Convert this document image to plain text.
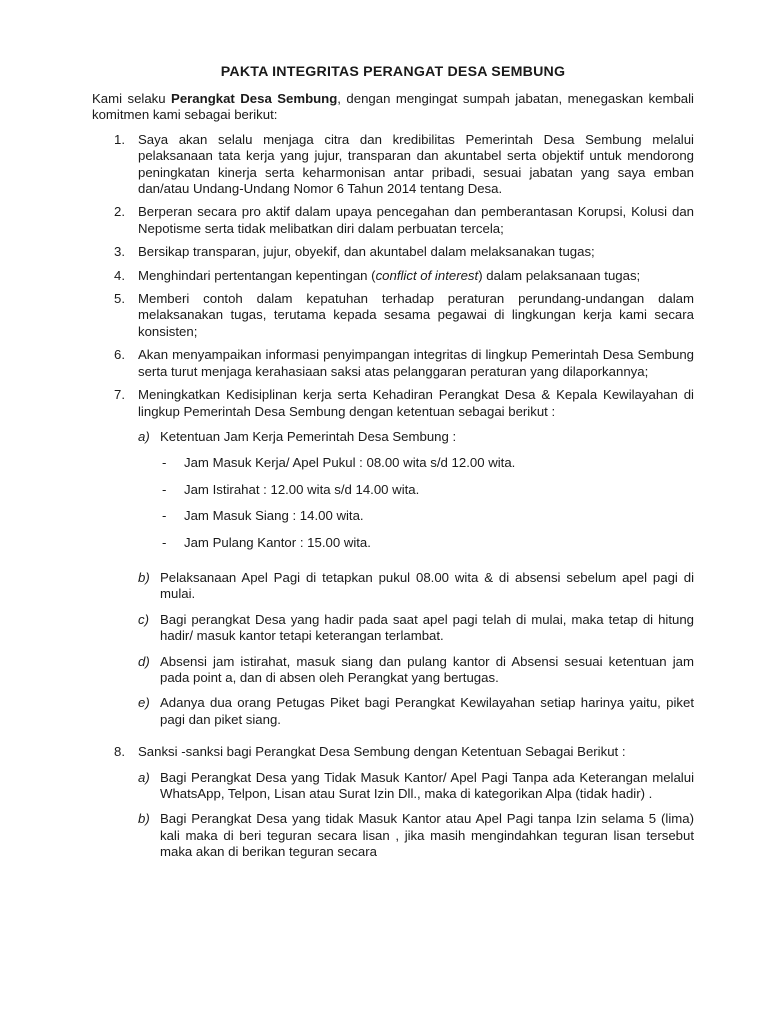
PAKTA INTEGRITAS PERANGAT DESA SEMBUNG

Kami selaku Perangkat Desa Sembung, dengan mengingat sumpah jabatan, menegaskan kembali komitmen kami sebagai berikut:

1. Saya akan selalu menjaga citra dan kredibilitas Pemerintah Desa Sembung melalui pelaksanaan tata kerja yang jujur, transparan dan akuntabel serta objektif untuk mendorong peningkatan kinerja serta keharmonisan antar pribadi, sesuai jabatan yang saya emban dan/atau Undang-Undang Nomor 6 Tahun 2014 tentang Desa.
2. Berperan secara pro aktif dalam upaya pencegahan dan pemberantasan Korupsi, Kolusi dan Nepotisme serta tidak melibatkan diri dalam perbuatan tercela;
3. Bersikap transparan, jujur, obyekif, dan akuntabel dalam melaksanakan tugas;
4. Menghindari pertentangan kepentingan (conflict of interest) dalam pelaksanaan tugas;
5. Memberi contoh dalam kepatuhan terhadap peraturan perundang-undangan dalam melaksanakan tugas, terutama kepada sesama pegawai di lingkungan kerja kami secara konsisten;
6. Akan menyampaikan informasi penyimpangan integritas di lingkup Pemerintah Desa Sembung serta turut menjaga kerahasiaan saksi atas pelanggaran peraturan yang dilaporkannya;
7. Meningkatkan Kedisiplinan kerja serta Kehadiran Perangkat Desa & Kepala Kewilayahan di lingkup Pemerintah Desa Sembung dengan ketentuan sebagai berikut :
a) Ketentuan Jam Kerja Pemerintah Desa Sembung :
-	Jam Masuk Kerja/ Apel Pukul : 08.00 wita s/d 12.00 wita.
-	Jam Istirahat : 12.00 wita s/d 14.00 wita.
-	Jam Masuk Siang : 14.00 wita.
-	Jam Pulang Kantor : 15.00 wita.
b) Pelaksanaan Apel Pagi di tetapkan pukul 08.00 wita & di absensi sebelum apel pagi di mulai.
c) Bagi perangkat Desa yang hadir pada saat apel pagi telah di mulai, maka tetap di hitung hadir/ masuk kantor tetapi keterangan terlambat.
d) Absensi jam istirahat, masuk siang dan pulang kantor di Absensi sesuai ketentuan jam pada point a, dan di absen oleh Perangkat yang bertugas.
e) Adanya dua orang Petugas Piket bagi Perangkat Kewilayahan setiap harinya yaitu, piket pagi dan piket siang.
8. Sanksi -sanksi bagi Perangkat Desa Sembung dengan Ketentuan Sebagai Berikut :
a) Bagi Perangkat Desa yang Tidak Masuk Kantor/ Apel Pagi Tanpa ada Keterangan melalui WhatsApp, Telpon, Lisan atau Surat Izin Dll., maka di kategorikan Alpa (tidak hadir) .
b) Bagi Perangkat Desa yang tidak Masuk Kantor atau Apel Pagi tanpa Izin selama 5 (lima) kali maka di beri teguran secara lisan , jika masih mengindahkan teguran lisan tersebut maka akan di berikan teguran secara
